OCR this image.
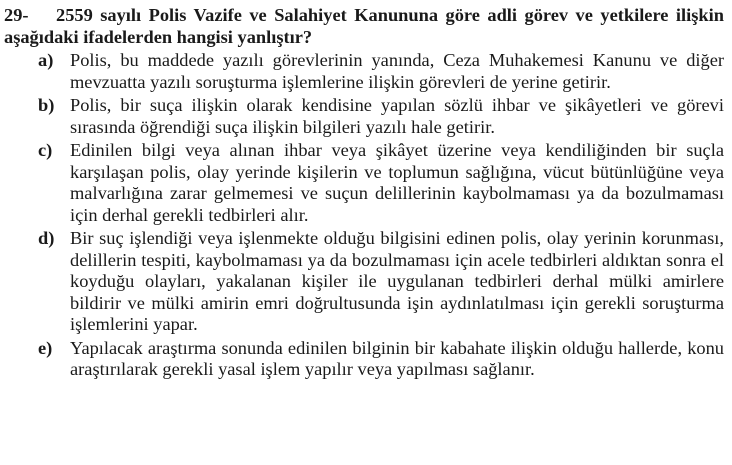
29- 2559 sayılı Polis Vazife ve Salahiyet Kanununa göre adli görev ve yetkilere ilişkin aşağıdaki ifadelerden hangisi yanlıştır?

a) Polis, bu maddede yazılı görevlerinin yanında, Ceza Muhakemesi Kanunu ve diğer mevzuatta yazılı soruşturma işlemlerine ilişkin görevleri de yerine getirir.
b) Polis, bir suça ilişkin olarak kendisine yapılan sözlü ihbar ve şikâyetleri ve görevi sırasında öğrendiği suça ilişkin bilgileri yazılı hale getirir.
c) Edinilen bilgi veya alınan ihbar veya şikâyet üzerine veya kendiliğinden bir suçla karşılaşan polis, olay yerinde kişilerin ve toplumun sağlığına, vücut bütünlüğüne veya malvarlığına zarar gelmemesi ve suçun delillerinin kaybolmaması ya da bozulmaması için derhal gerekli tedbirleri alır.
d) Bir suç işlendiği veya işlenmekte olduğu bilgisini edinen polis, olay yerinin korunması, delillerin tespiti, kaybolmaması ya da bozulmaması için acele tedbirleri aldıktan sonra el koyduğu olayları, yakalanan kişiler ile uygulanan tedbirleri derhal mülki amirlere bildirir ve mülki amirin emri doğrultusunda işin aydınlatılması için gerekli soruşturma işlemlerini yapar.
e) Yapılacak araştırma sonunda edinilen bilginin bir kabahate ilişkin olduğu hallerde, konu araştırılarak gerekli yasal işlem yapılır veya yapılması sağlanır.
